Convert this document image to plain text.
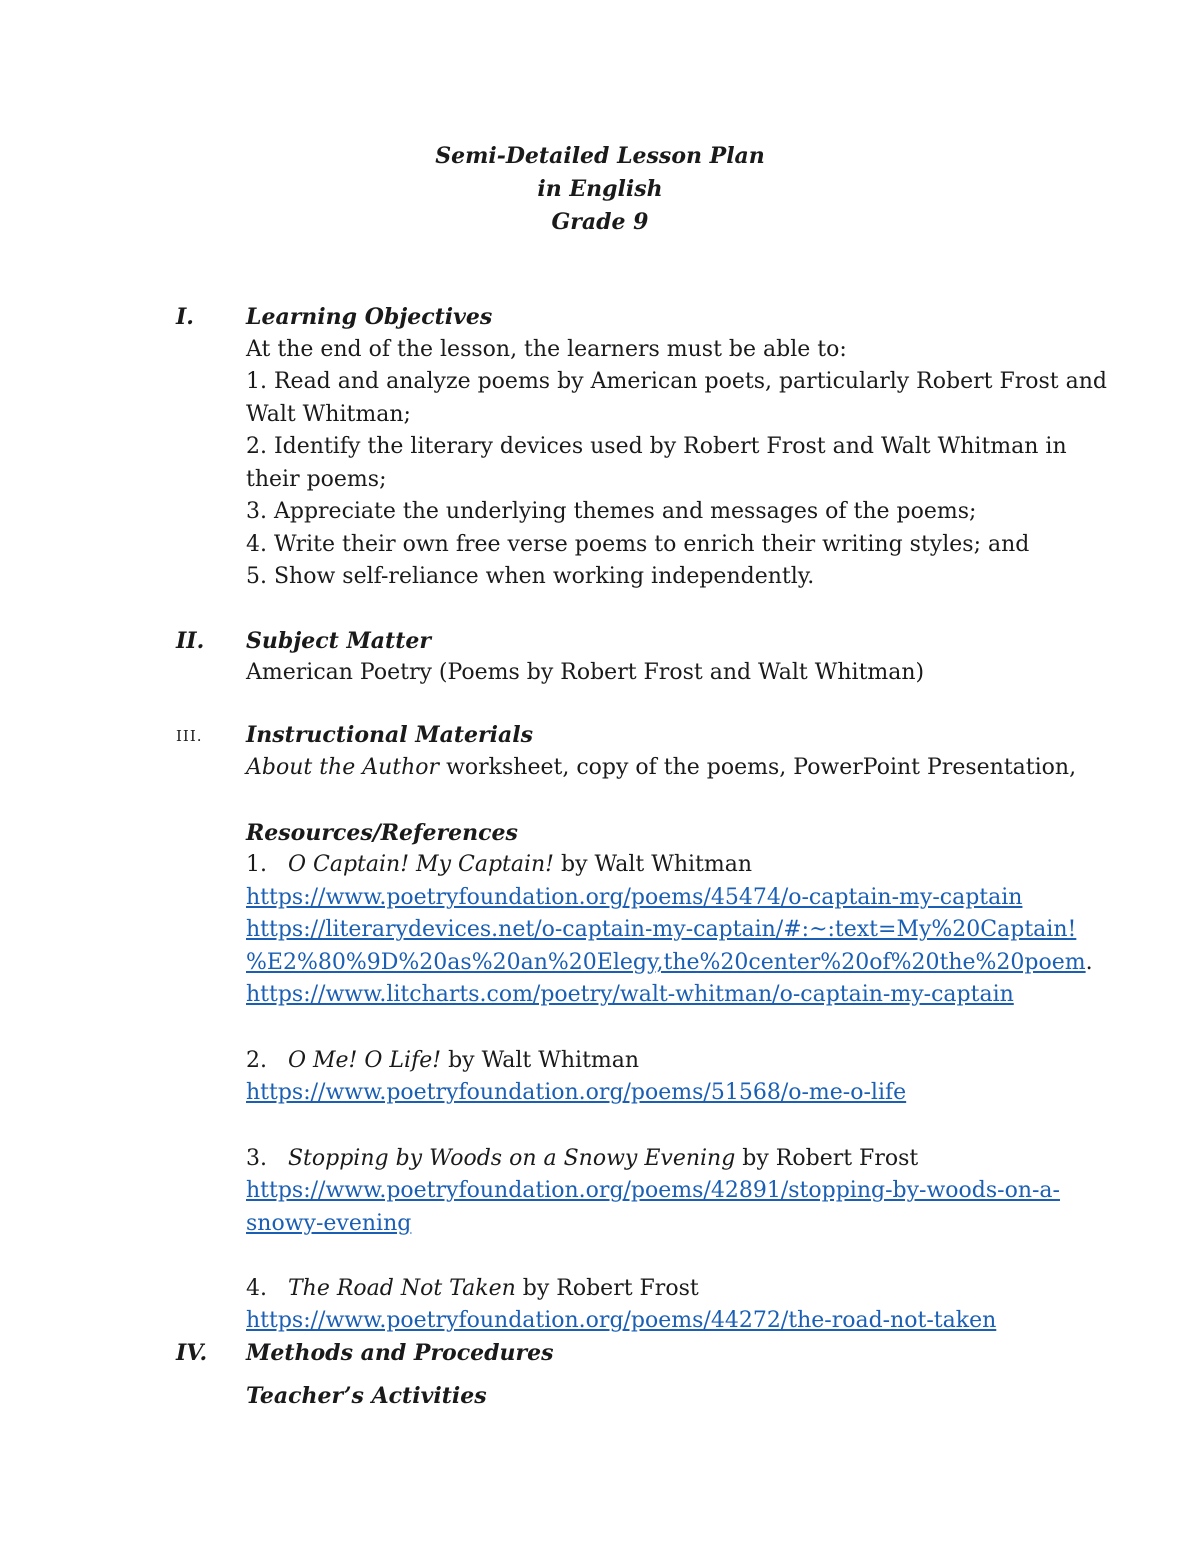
Semi-Detailed Lesson Plan
in English
Grade 9
I. Learning Objectives
At the end of the lesson, the learners must be able to:
1. Read and analyze poems by American poets, particularly Robert Frost and
Walt Whitman;
2. Identify the literary devices used by Robert Frost and Walt Whitman in
their poems;
3. Appreciate the underlying themes and messages of the poems;
4. Write their own free verse poems to enrich their writing styles; and
5. Show self-reliance when working independently.
II. Subject Matter
American Poetry (Poems by Robert Frost and Walt Whitman)
III. Instructional Materials
About the Author worksheet, copy of the poems, PowerPoint Presentation,
Resources/References
1. O Captain! My Captain! by Walt Whitman
https://www.poetryfoundation.org/poems/45474/o-captain-my-captain
https://literarydevices.net/o-captain-my-captain/#:~:text=My%20Captain!
%E2%80%9D%20as%20an%20Elegy,the%20center%20of%20the%20poem.
https://www.litcharts.com/poetry/walt-whitman/o-captain-my-captain
2. O Me! O Life! by Walt Whitman
https://www.poetryfoundation.org/poems/51568/o-me-o-life
3. Stopping by Woods on a Snowy Evening by Robert Frost
https://www.poetryfoundation.org/poems/42891/stopping-by-woods-on-a-
snowy-evening
4. The Road Not Taken by Robert Frost
https://www.poetryfoundation.org/poems/44272/the-road-not-taken
IV. Methods and Procedures
Teacher’s Activities
